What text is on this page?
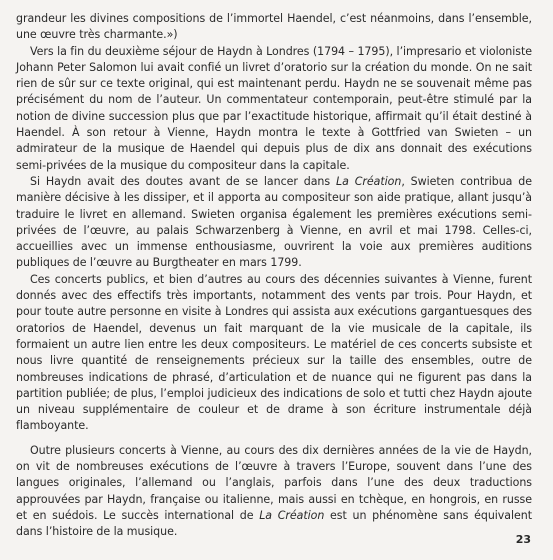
grandeur les divines compositions de l’immortel Haendel, c’est néanmoins, dans l’ensemble, une œuvre très charmante.»)

Vers la fin du deuxième séjour de Haydn à Londres (1794 – 1795), l’impresario et violoniste Johann Peter Salomon lui avait confié un livret d’oratorio sur la création du monde. On ne sait rien de sûr sur ce texte original, qui est maintenant perdu. Haydn ne se souvenait même pas précisément du nom de l’auteur. Un commentateur contemporain, peut-être stimulé par la notion de divine succession plus que par l’exactitude historique, affirmait qu’il était destiné à Haendel. À son retour à Vienne, Haydn montra le texte à Gottfried van Swieten – un admirateur de la musique de Haendel qui depuis plus de dix ans donnait des exécutions semi-privées de la musique du compositeur dans la capitale.

Si Haydn avait des doutes avant de se lancer dans La Création, Swieten contribua de manière décisive à les dissiper, et il apporta au compositeur son aide pratique, allant jusqu’à traduire le livret en allemand. Swieten organisa également les premières exécutions semi-privées de l’œuvre, au palais Schwarzenberg à Vienne, en avril et mai 1798. Celles-ci, accueillies avec un immense enthousiasme, ouvrirent la voie aux premières auditions publiques de l’œuvre au Burgtheater en mars 1799.

Ces concerts publics, et bien d’autres au cours des décennies suivantes à Vienne, furent donnés avec des effectifs très importants, notamment des vents par trois. Pour Haydn, et pour toute autre personne en visite à Londres qui assista aux exécutions gargantuesques des oratorios de Haendel, devenus un fait marquant de la vie musicale de la capitale, ils formaient un autre lien entre les deux compositeurs. Le matériel de ces concerts subsiste et nous livre quantité de renseignements précieux sur la taille des ensembles, outre de nombreuses indications de phrasé, d’articulation et de nuance qui ne figurent pas dans la partition publiée; de plus, l’emploi judicieux des indications de solo et tutti chez Haydn ajoute un niveau supplémentaire de couleur et de drame à son écriture instrumentale déjà flamboyante.

Outre plusieurs concerts à Vienne, au cours des dix dernières années de la vie de Haydn, on vit de nombreuses exécutions de l’œuvre à travers l’Europe, souvent dans l’une des langues originales, l’allemand ou l’anglais, parfois dans l’une des deux traductions approuvées par Haydn, française ou italienne, mais aussi en tchèque, en hongrois, en russe et en suédois. Le succès international de La Création est un phénomène sans équivalent dans l’histoire de la musique.

23
